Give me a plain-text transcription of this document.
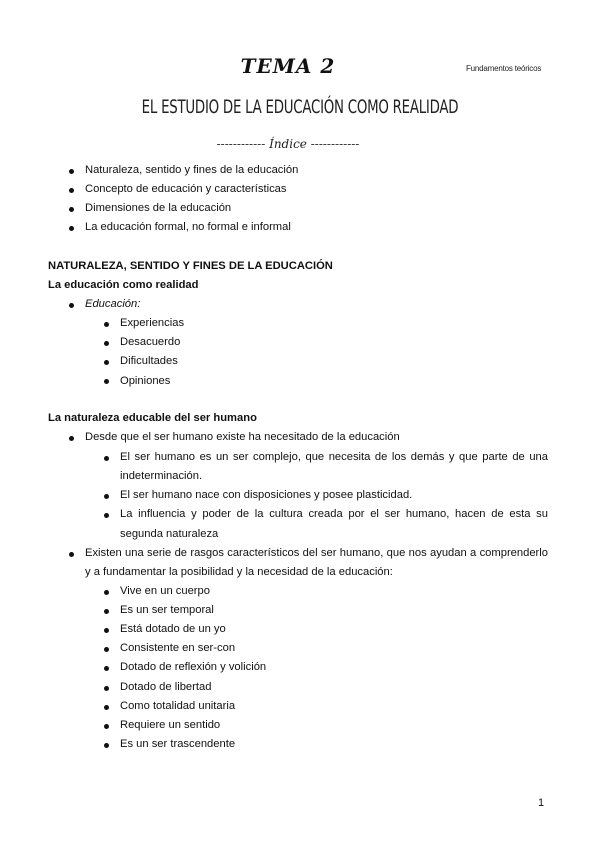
TEMA 2	Fundamentos teóricos
EL ESTUDIO DE LA EDUCACIÓN COMO REALIDAD
------------ Índice ------------
Naturaleza, sentido y fines de la educación
Concepto de educación y características
Dimensiones de la educación
La educación formal, no formal e informal
NATURALEZA, SENTIDO Y FINES DE LA EDUCACIÓN
La educación como realidad
Educación:
Experiencias
Desacuerdo
Dificultades
Opiniones
La naturaleza educable del ser humano
Desde que el ser humano existe ha necesitado de la educación
El ser humano es un ser complejo, que necesita de los demás y que parte de una
indeterminación.
El ser humano nace con disposiciones y posee plasticidad.
La influencia y poder de la cultura creada por el ser humano, hacen de esta su
segunda naturaleza
Existen una serie de rasgos característicos del ser humano, que nos ayudan a comprenderlo
y a fundamentar la posibilidad y la necesidad de la educación:
Vive en un cuerpo
Es un ser temporal
Está dotado de un yo
Consistente en ser-con
Dotado de reflexión y volición
Dotado de libertad
Como totalidad unitaria
Requiere un sentido
Es un ser trascendente
1
